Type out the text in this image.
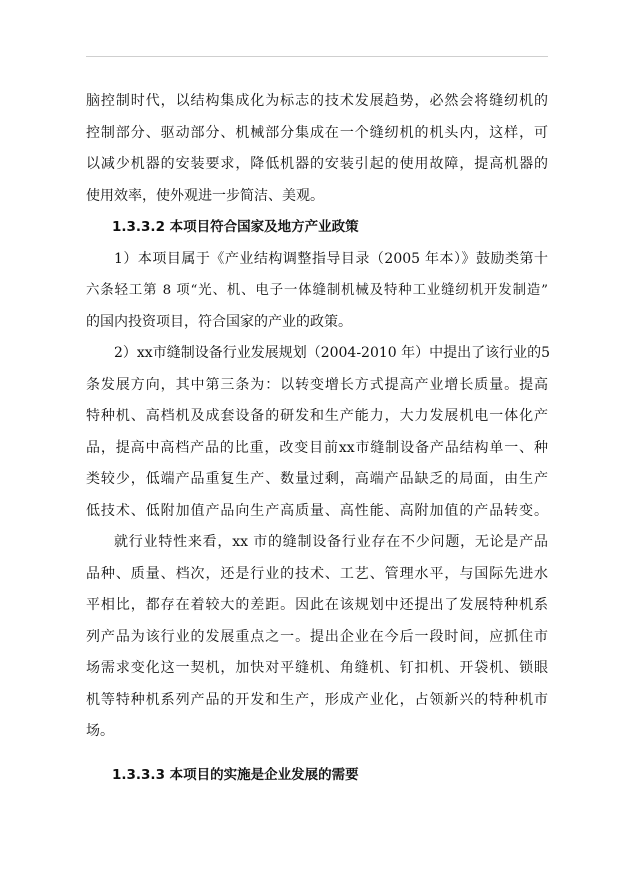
脑控制时代，以结构集成化为标志的技术发展趋势，必然会将缝纫机的
控制部分、驱动部分、机械部分集成在一个缝纫机的机头内，这样，可
以减少机器的安装要求，降低机器的安装引起的使用故障，提高机器的
使用效率，使外观进一步简洁、美观。
1.3.3.2 本项目符合国家及地方产业政策
1）本项目属于《产业结构调整指导目录（2005 年本）》鼓励类第十
六条轻工第 8 项“光、机、电子一体缝制机械及特种工业缝纫机开发制造”
的国内投资项目，符合国家的产业的政策。
2）xx市缝制设备行业发展规划（2004-2010 年）中提出了该行业的5
条发展方向，其中第三条为：以转变增长方式提高产业增长质量。提高
特种机、高档机及成套设备的研发和生产能力，大力发展机电一体化产
品，提高中高档产品的比重，改变目前xx市缝制设备产品结构单一、种
类较少，低端产品重复生产、数量过剩，高端产品缺乏的局面，由生产
低技术、低附加值产品向生产高质量、高性能、高附加值的产品转变。
就行业特性来看，xx 市的缝制设备行业存在不少问题，无论是产品
品种、质量、档次，还是行业的技术、工艺、管理水平，与国际先进水
平相比，都存在着较大的差距。因此在该规划中还提出了发展特种机系
列产品为该行业的发展重点之一。提出企业在今后一段时间，应抓住市
场需求变化这一契机，加快对平缝机、角缝机、钉扣机、开袋机、锁眼
机等特种机系列产品的开发和生产，形成产业化，占领新兴的特种机市
场。
1.3.3.3 本项目的实施是企业发展的需要
